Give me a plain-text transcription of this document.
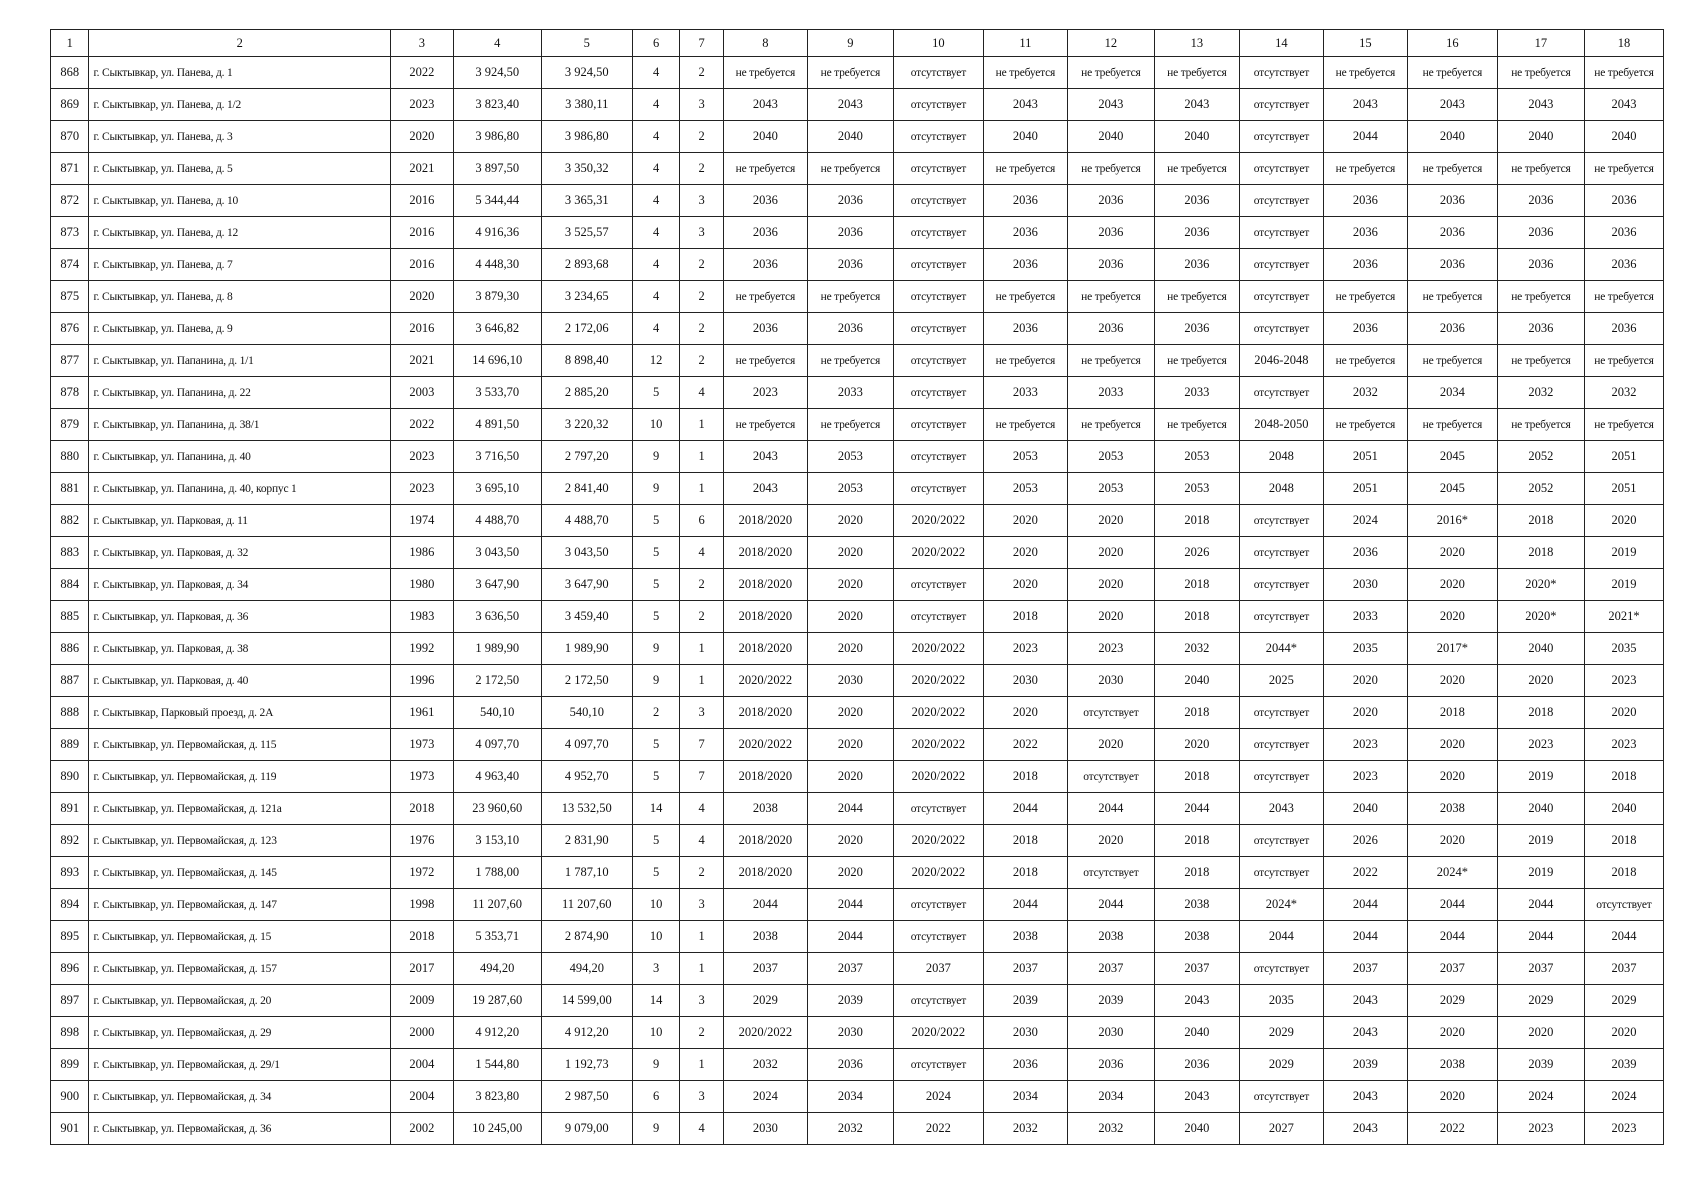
1	2	3	4	5	6	7	8	9	10	11	12	13	14	15	16	17	18
868	г. Сыктывкар, ул. Панева, д. 1	2022	3 924,50	3 924,50	4	2	не требуется	не требуется	отсутствует	не требуется	не требуется	не требуется	отсутствует	не требуется	не требуется	не требуется	не требуется
869	г. Сыктывкар, ул. Панева, д. 1/2	2023	3 823,40	3 380,11	4	3	2043	2043	отсутствует	2043	2043	2043	отсутствует	2043	2043	2043	2043
870	г. Сыктывкар, ул. Панева, д. 3	2020	3 986,80	3 986,80	4	2	2040	2040	отсутствует	2040	2040	2040	отсутствует	2044	2040	2040	2040
871	г. Сыктывкар, ул. Панева, д. 5	2021	3 897,50	3 350,32	4	2	не требуется	не требуется	отсутствует	не требуется	не требуется	не требуется	отсутствует	не требуется	не требуется	не требуется	не требуется
872	г. Сыктывкар, ул. Панева, д. 10	2016	5 344,44	3 365,31	4	3	2036	2036	отсутствует	2036	2036	2036	отсутствует	2036	2036	2036	2036
873	г. Сыктывкар, ул. Панева, д. 12	2016	4 916,36	3 525,57	4	3	2036	2036	отсутствует	2036	2036	2036	отсутствует	2036	2036	2036	2036
874	г. Сыктывкар, ул. Панева, д. 7	2016	4 448,30	2 893,68	4	2	2036	2036	отсутствует	2036	2036	2036	отсутствует	2036	2036	2036	2036
875	г. Сыктывкар, ул. Панева, д. 8	2020	3 879,30	3 234,65	4	2	не требуется	не требуется	отсутствует	не требуется	не требуется	не требуется	отсутствует	не требуется	не требуется	не требуется	не требуется
876	г. Сыктывкар, ул. Панева, д. 9	2016	3 646,82	2 172,06	4	2	2036	2036	отсутствует	2036	2036	2036	отсутствует	2036	2036	2036	2036
877	г. Сыктывкар, ул. Папанина, д. 1/1	2021	14 696,10	8 898,40	12	2	не требуется	не требуется	отсутствует	не требуется	не требуется	не требуется	2046-2048	не требуется	не требуется	не требуется	не требуется
878	г. Сыктывкар, ул. Папанина, д. 22	2003	3 533,70	2 885,20	5	4	2023	2033	отсутствует	2033	2033	2033	отсутствует	2032	2034	2032	2032
879	г. Сыктывкар, ул. Папанина, д. 38/1	2022	4 891,50	3 220,32	10	1	не требуется	не требуется	отсутствует	не требуется	не требуется	не требуется	2048-2050	не требуется	не требуется	не требуется	не требуется
880	г. Сыктывкар, ул. Папанина, д. 40	2023	3 716,50	2 797,20	9	1	2043	2053	отсутствует	2053	2053	2053	2048	2051	2045	2052	2051
881	г. Сыктывкар, ул. Папанина, д. 40, корпус 1	2023	3 695,10	2 841,40	9	1	2043	2053	отсутствует	2053	2053	2053	2048	2051	2045	2052	2051
882	г. Сыктывкар, ул. Парковая, д. 11	1974	4 488,70	4 488,70	5	6	2018/2020	2020	2020/2022	2020	2020	2018	отсутствует	2024	2016*	2018	2020
883	г. Сыктывкар, ул. Парковая, д. 32	1986	3 043,50	3 043,50	5	4	2018/2020	2020	2020/2022	2020	2020	2026	отсутствует	2036	2020	2018	2019
884	г. Сыктывкар, ул. Парковая, д. 34	1980	3 647,90	3 647,90	5	2	2018/2020	2020	отсутствует	2020	2020	2018	отсутствует	2030	2020	2020*	2019
885	г. Сыктывкар, ул. Парковая, д. 36	1983	3 636,50	3 459,40	5	2	2018/2020	2020	отсутствует	2018	2020	2018	отсутствует	2033	2020	2020*	2021*
886	г. Сыктывкар, ул. Парковая, д. 38	1992	1 989,90	1 989,90	9	1	2018/2020	2020	2020/2022	2023	2023	2032	2044*	2035	2017*	2040	2035
887	г. Сыктывкар, ул. Парковая, д. 40	1996	2 172,50	2 172,50	9	1	2020/2022	2030	2020/2022	2030	2030	2040	2025	2020	2020	2020	2023
888	г. Сыктывкар, Парковый проезд, д. 2А	1961	540,10	540,10	2	3	2018/2020	2020	2020/2022	2020	отсутствует	2018	отсутствует	2020	2018	2018	2020
889	г. Сыктывкар, ул. Первомайская, д. 115	1973	4 097,70	4 097,70	5	7	2020/2022	2020	2020/2022	2022	2020	2020	отсутствует	2023	2020	2023	2023
890	г. Сыктывкар, ул. Первомайская, д. 119	1973	4 963,40	4 952,70	5	7	2018/2020	2020	2020/2022	2018	отсутствует	2018	отсутствует	2023	2020	2019	2018
891	г. Сыктывкар, ул. Первомайская, д. 121а	2018	23 960,60	13 532,50	14	4	2038	2044	отсутствует	2044	2044	2044	2043	2040	2038	2040	2040
892	г. Сыктывкар, ул. Первомайская, д. 123	1976	3 153,10	2 831,90	5	4	2018/2020	2020	2020/2022	2018	2020	2018	отсутствует	2026	2020	2019	2018
893	г. Сыктывкар, ул. Первомайская, д. 145	1972	1 788,00	1 787,10	5	2	2018/2020	2020	2020/2022	2018	отсутствует	2018	отсутствует	2022	2024*	2019	2018
894	г. Сыктывкар, ул. Первомайская, д. 147	1998	11 207,60	11 207,60	10	3	2044	2044	отсутствует	2044	2044	2038	2024*	2044	2044	2044	отсутствует
895	г. Сыктывкар, ул. Первомайская, д. 15	2018	5 353,71	2 874,90	10	1	2038	2044	отсутствует	2038	2038	2038	2044	2044	2044	2044	2044
896	г. Сыктывкар, ул. Первомайская, д. 157	2017	494,20	494,20	3	1	2037	2037	2037	2037	2037	2037	отсутствует	2037	2037	2037	2037
897	г. Сыктывкар, ул. Первомайская, д. 20	2009	19 287,60	14 599,00	14	3	2029	2039	отсутствует	2039	2039	2043	2035	2043	2029	2029	2029
898	г. Сыктывкар, ул. Первомайская, д. 29	2000	4 912,20	4 912,20	10	2	2020/2022	2030	2020/2022	2030	2030	2040	2029	2043	2020	2020	2020
899	г. Сыктывкар, ул. Первомайская, д. 29/1	2004	1 544,80	1 192,73	9	1	2032	2036	отсутствует	2036	2036	2036	2029	2039	2038	2039	2039
900	г. Сыктывкар, ул. Первомайская, д. 34	2004	3 823,80	2 987,50	6	3	2024	2034	2024	2034	2034	2043	отсутствует	2043	2020	2024	2024
901	г. Сыктывкар, ул. Первомайская, д. 36	2002	10 245,00	9 079,00	9	4	2030	2032	2022	2032	2032	2040	2027	2043	2022	2023	2023
